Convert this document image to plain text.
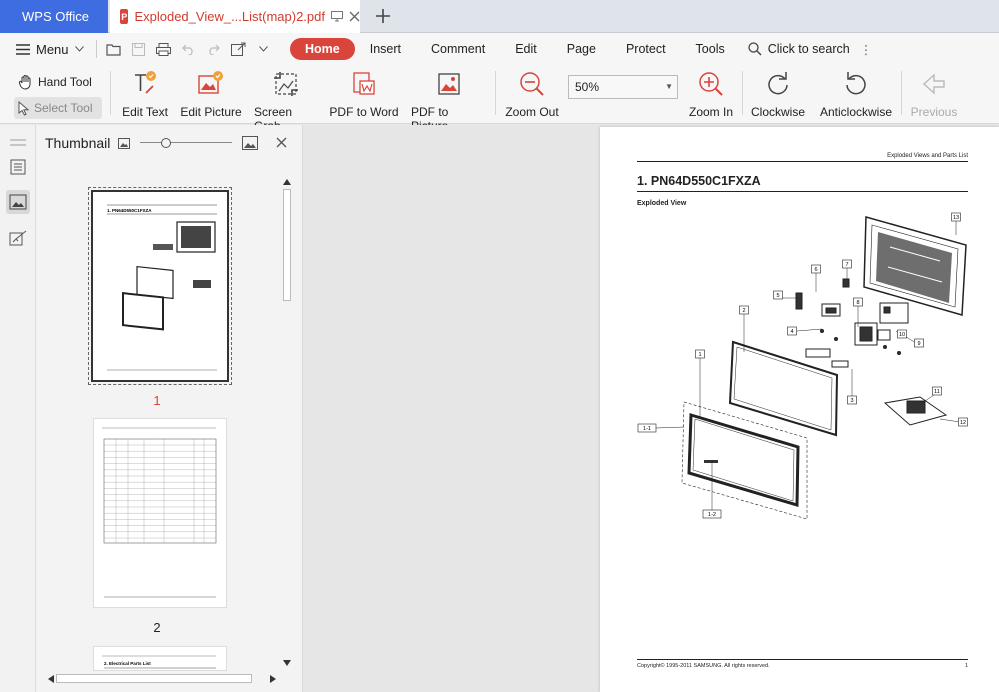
WPS Office	P Exploded_View_...List(map)2.pdf
Menu	Home	Insert	Comment	Edit	Page	Protect	Tools	Click to search ⋮
Hand Tool
Select Tool Edit Text Edit Picture Screen	PDF to Word PDF to	Zoom Out
50%	▼
Zoom In Clockwise Anticlockwise Previous
Thumbnail
1. PN64D550C1FXZA
1
2
2. Electrical Parts List
Exploded Views and Parts List
1. PN64D550C1FXZA
Exploded View
1
1-1
1-2
2
3
4
5
6
7
8
9
10
11
12
13
Copyright© 1995-2011 SAMSUNG. All rights reserved.	1
